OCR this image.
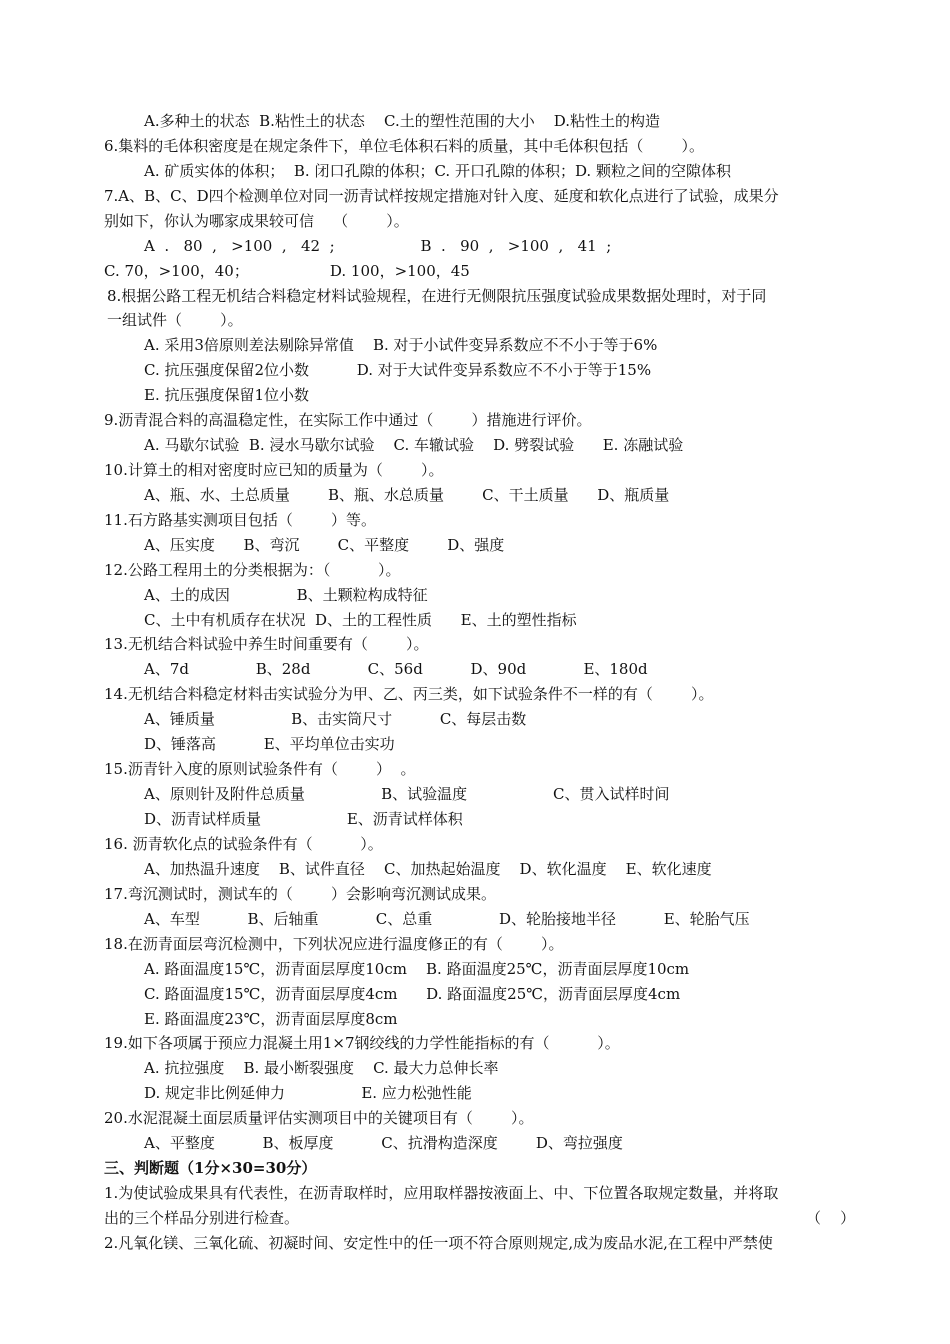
A.多种土的状态  B.粘性土的状态    C.土的塑性范围的大小    D.粘性土的构造
6.集料的毛体积密度是在规定条件下，单位毛体积石料的质量，其中毛体积包括（        ）。
A. 矿质实体的体积；  B. 闭口孔隙的体积；C. 开口孔隙的体积；D. 颗粒之间的空隙体积
7.A、B、C、D四个检测单位对同一沥青试样按规定措施对针入度、延度和软化点进行了试验，成果分
别如下，你认为哪家成果较可信    （        ）。
A  .   80  ,   >100  ,   42  ;                  B  .   90  ,   >100  ,   41  ;
C. 70，>100，40；                 D. 100，>100，45
8.根据公路工程无机结合料稳定材料试验规程，在进行无侧限抗压强度试验成果数据处理时，对于同
一组试件（        ）。
A. 采用3倍原则差法剔除异常值    B. 对于小试件变异系数应不不小于等于6%
C. 抗压强度保留2位小数          D. 对于大试件变异系数应不不小于等于15%
E. 抗压强度保留1位小数
9.沥青混合料的高温稳定性，在实际工作中通过（        ）措施进行评价。
A. 马歇尔试验  B. 浸水马歇尔试验    C. 车辙试验    D. 劈裂试验      E. 冻融试验
10.计算土的相对密度时应已知的质量为（        ）。
A、瓶、水、土总质量        B、瓶、水总质量        C、干土质量      D、瓶质量
11.石方路基实测项目包括（        ）等。
A、压实度      B、弯沉        C、平整度        D、强度
12.公路工程用土的分类根据为：（          ）。
A、土的成因              B、土颗粒构成特征
C、土中有机质存在状况  D、土的工程性质      E、土的塑性指标
13.无机结合料试验中养生时间重要有（        ）。
A、7d              B、28d            C、56d          D、90d            E、180d
14.无机结合料稳定材料击实试验分为甲、乙、丙三类，如下试验条件不一样的有（        ）。
A、锤质量                B、击实筒尺寸          C、每层击数
D、锤落高          E、平均单位击实功
15.沥青针入度的原则试验条件有（        ）  。
A、原则针及附件总质量                B、试验温度                  C、贯入试样时间
D、沥青试样质量                  E、沥青试样体积
16. 沥青软化点的试验条件有（          ）。
A、加热温升速度    B、试件直径    C、加热起始温度    D、软化温度    E、软化速度
17.弯沉测试时，测试车的（        ）会影响弯沉测试成果。
A、车型          B、后轴重            C、总重              D、轮胎接地半径          E、轮胎气压
18.在沥青面层弯沉检测中，下列状况应进行温度修正的有（        ）。
A. 路面温度15℃，沥青面层厚度10cm    B. 路面温度25℃，沥青面层厚度10cm
C. 路面温度15℃，沥青面层厚度4cm      D. 路面温度25℃，沥青面层厚度4cm
E. 路面温度23℃，沥青面层厚度8cm
19.如下各项属于预应力混凝土用1×7钢绞线的力学性能指标的有（          ）。
A. 抗拉强度    B. 最小断裂强度    C. 最大力总伸长率
D. 规定非比例延伸力                E. 应力松弛性能
20.水泥混凝土面层质量评估实测项目中的关键项目有（        ）。
A、平整度          B、板厚度          C、抗滑构造深度        D、弯拉强度
三、判断题（1分×30=30分）
1.为使试验成果具有代表性，在沥青取样时，应用取样器按液面上、中、下位置各取规定数量，并将取
出的三个样品分别进行检查。	（    ）
2.凡氧化镁、三氧化硫、初凝时间、安定性中的任一项不符合原则规定,成为废品水泥,在工程中严禁使
